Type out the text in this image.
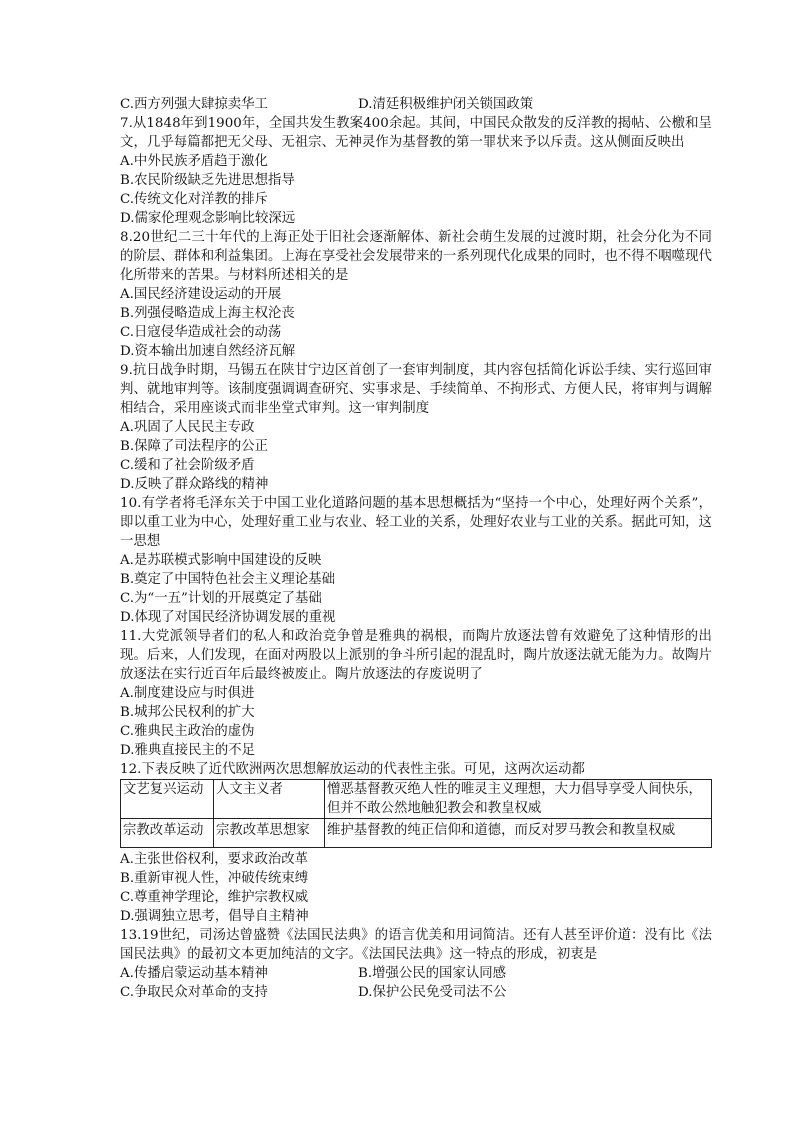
C.西方列强大肆掠卖华工	D.清廷积极维护闭关锁国政策
7.从1848年到1900年，全国共发生教案400余起。其间，中国民众散发的反洋教的揭帖、公檄和呈文，几乎每篇都把无父母、无祖宗、无神灵作为基督教的第一罪状来予以斥责。这从侧面反映出
A.中外民族矛盾趋于激化
B.农民阶级缺乏先进思想指导
C.传统文化对洋教的排斥
D.儒家伦理观念影响比较深远
8.20世纪二三十年代的上海正处于旧社会逐渐解体、新社会萌生发展的过渡时期，社会分化为不同的阶层、群体和利益集团。上海在享受社会发展带来的一系列现代化成果的同时，也不得不咽噬现代化所带来的苦果。与材料所述相关的是
A.国民经济建设运动的开展
B.列强侵略造成上海主权沦丧
C.日寇侵华造成社会的动荡
D.资本输出加速自然经济瓦解
9.抗日战争时期，马锡五在陕甘宁边区首创了一套审判制度，其内容包括简化诉讼手续、实行巡回审判、就地审判等。该制度强调调查研究、实事求是、手续简单、不拘形式、方便人民，将审判与调解相结合，采用座谈式而非坐堂式审判。这一审判制度
A.巩固了人民民主专政
B.保障了司法程序的公正
C.缓和了社会阶级矛盾
D.反映了群众路线的精神
10.有学者将毛泽东关于中国工业化道路问题的基本思想概括为“坚持一个中心，处理好两个关系”，即以重工业为中心，处理好重工业与农业、轻工业的关系，处理好农业与工业的关系。据此可知，这一思想
A.是苏联模式影响中国建设的反映
B.奠定了中国特色社会主义理论基础
C.为“一五”计划的开展奠定了基础
D.体现了对国民经济协调发展的重视
11.大党派领导者们的私人和政治竞争曾是雅典的祸根，而陶片放逐法曾有效避免了这种情形的出现。后来，人们发现，在面对两股以上派别的争斗所引起的混乱时，陶片放逐法就无能为力。故陶片放逐法在实行近百年后最终被废止。陶片放逐法的存废说明了
A.制度建设应与时俱进
B.城邦公民权利的扩大
C.雅典民主政治的虚伪
D.雅典直接民主的不足
12.下表反映了近代欧洲两次思想解放运动的代表性主张。可见，这两次运动都
文艺复兴运动	人文主义者	憎恶基督教灭绝人性的唯灵主义理想，大力倡导享受人间快乐，但并不敢公然地触犯教会和教皇权威
宗教改革运动	宗教改革思想家	维护基督教的纯正信仰和道德，而反对罗马教会和教皇权威
A.主张世俗权利，要求政治改革
B.重新审视人性，冲破传统束缚
C.尊重神学理论，维护宗教权威
D.强调独立思考，倡导自主精神
13.19世纪，司汤达曾盛赞《法国民法典》的语言优美和用词简洁。还有人甚至评价道：没有比《法国民法典》的最初文本更加纯洁的文字。《法国民法典》这一特点的形成，初衷是
A.传播启蒙运动基本精神	B.增强公民的国家认同感
C.争取民众对革命的支持	D.保护公民免受司法不公
